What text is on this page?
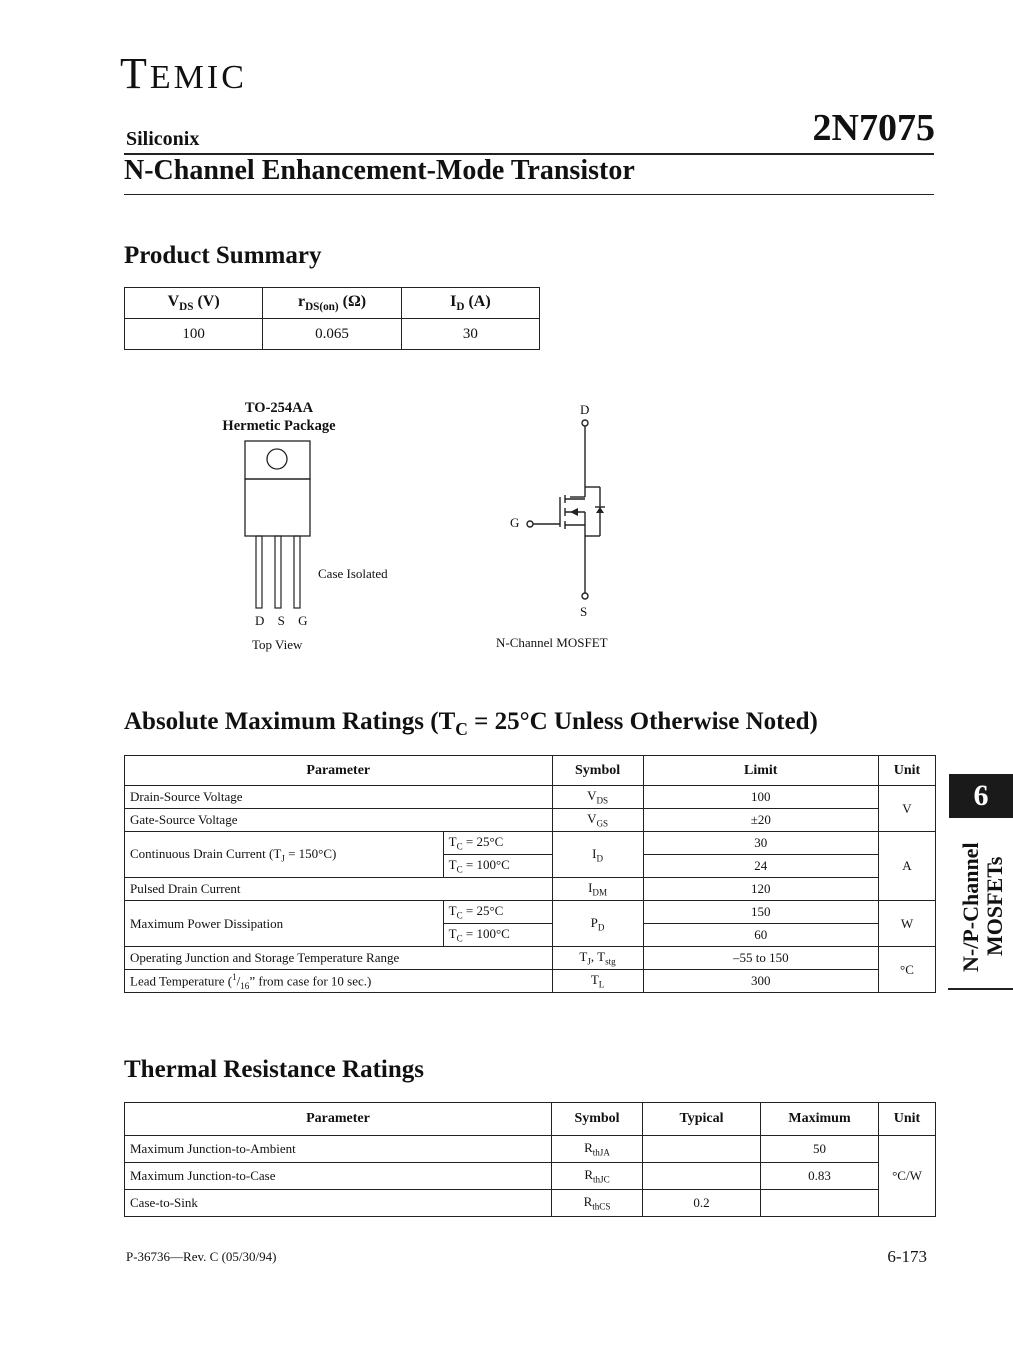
TEMIC
Siliconix	2N7075
N-Channel Enhancement-Mode Transistor
Product Summary
$V_{DS}$ (V)	$r_{DS(on)}$ (Ω)	$I_D$ (A)
100	0.065	30
TO-254AA
Hermetic Package
Case Isolated
D S G
Top View
D
G
S
N-Channel MOSFET
Absolute Maximum Ratings ($T_C = 25^\circ C$ Unless Otherwise Noted)
Parameter		Symbol	Limit	Unit
Drain-Source Voltage		$V_{DS}$	100	V
Gate-Source Voltage		$V_{GS}$	±20	
Continuous Drain Current $(T_J = 150^\circ C)$	$T_C = 25^\circ C$	$I_D$	30	A
	$T_C = 100^\circ C$		24	
Pulsed Drain Current		$I_{DM}$	120	
Maximum Power Dissipation	$T_C = 25^\circ C$	$P_D$	150	W
	$T_C = 100^\circ C$		60	
Operating Junction and Storage Temperature Range		$T_J$, $T_{stg}$	–55 to 150	°C
Lead Temperature ($^1/_{16}$” from case for 10 sec.)		$T_L$	300	
6
N-/P-Channel MOSFETs
Thermal Resistance Ratings
Parameter	Symbol	Typical	Maximum	Unit
Maximum Junction-to-Ambient	$R_{thJA}$		50	°C/W
Maximum Junction-to-Case	$R_{thJC}$		0.83	
Case-to-Sink	$R_{thCS}$	0.2		
P-36736—Rev. C (05/30/94)	6-173
